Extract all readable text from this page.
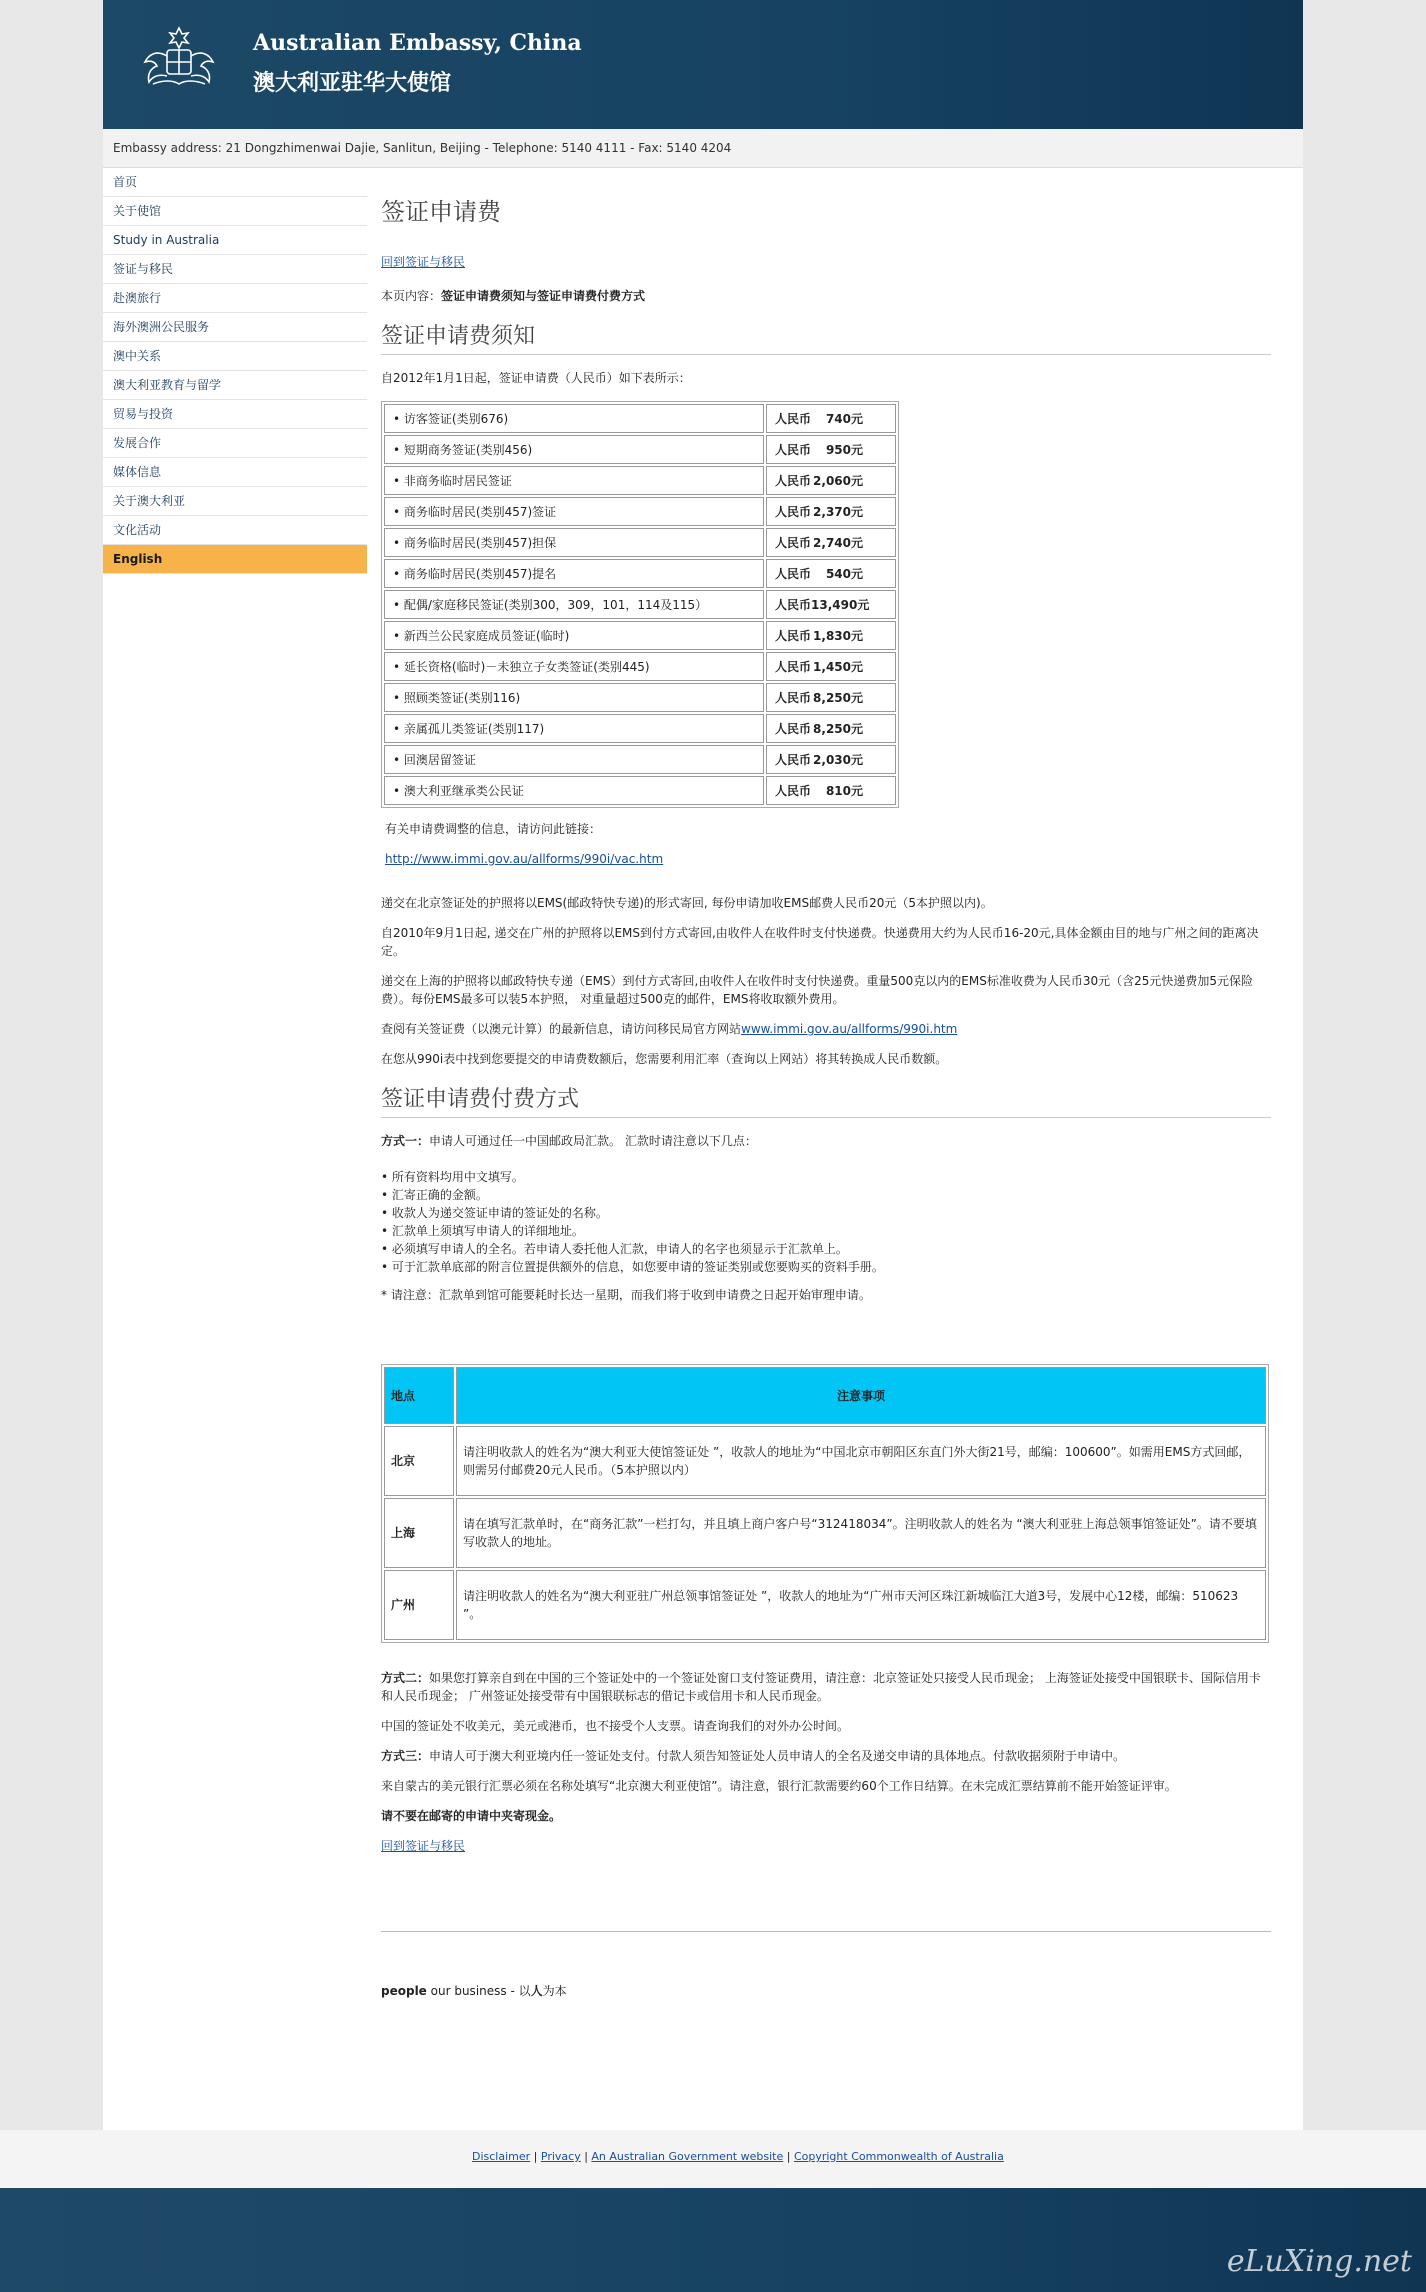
Australian Embassy, China
澳大利亚驻华大使馆
Embassy address: 21 Dongzhimenwai Dajie, Sanlitun, Beijing - Telephone: 5140 4111 - Fax: 5140 4204
首页
关于使馆
Study in Australia
签证与移民
赴澳旅行
海外澳洲公民服务
澳中关系
澳大利亚教育与留学
贸易与投资
发展合作
媒体信息
关于澳大利亚
文化活动
English
签证申请费

回到签证与移民

本页内容：签证申请费须知与签证申请费付费方式

签证申请费须知

自2012年1月1日起，签证申请费（人民币）如下表所示：

• 访客签证(类别676)	人民币 740元
• 短期商务签证(类别456)	人民币 950元
• 非商务临时居民签证	人民币 2,060元
• 商务临时居民(类别457)签证	人民币 2,370元
• 商务临时居民(类别457)担保	人民币 2,740元
• 商务临时居民(类别457)提名	人民币 540元
• 配偶/家庭移民签证(类别300，309，101，114及115）	人民币13,490元
• 新西兰公民家庭成员签证(临时)	人民币 1,830元
• 延长资格(临时)－未独立子女类签证(类别445)	人民币 1,450元
• 照顾类签证(类别116)	人民币 8,250元
• 亲属孤儿类签证(类别117)	人民币 8,250元
• 回澳居留签证	人民币 2,030元
• 澳大利亚继承类公民证	人民币 810元

有关申请费调整的信息，请访问此链接：

http://www.immi.gov.au/allforms/990i/vac.htm

递交在北京签证处的护照将以EMS(邮政特快专递)的形式寄回, 每份申请加收EMS邮费人民币20元（5本护照以内)。

自2010年9月1日起, 递交在广州的护照将以EMS到付方式寄回,由收件人在收件时支付快递费。快递费用大约为人民币16-20元,具体金额由目的地与广州之间的距离决定。

递交在上海的护照将以邮政特快专递（EMS）到付方式寄回,由收件人在收件时支付快递费。重量500克以内的EMS标准收费为人民币30元（含25元快递费加5元保险费）。每份EMS最多可以装5本护照， 对重量超过500克的邮件，EMS将收取额外费用。

查阅有关签证费（以澳元计算）的最新信息，请访问移民局官方网站www.immi.gov.au/allforms/990i.htm

在您从990i表中找到您要提交的申请费数额后，您需要利用汇率（查询以上网站）将其转换成人民币数额。

签证申请费付费方式

方式一：申请人可通过任一中国邮政局汇款。 汇款时请注意以下几点：

• 所有资料均用中文填写。
• 汇寄正确的金额。
• 收款人为递交签证申请的签证处的名称。
• 汇款单上须填写申请人的详细地址。
• 必须填写申请人的全名。若申请人委托他人汇款，申请人的名字也须显示于汇款单上。
• 可于汇款单底部的附言位置提供额外的信息，如您要申请的签证类别或您要购买的资料手册。

* 请注意：汇款单到馆可能要耗时长达一星期，而我们将于收到申请费之日起开始审理申请。

地点	注意事项
北京	请注明收款人的姓名为“澳大利亚大使馆签证处 ”，收款人的地址为“中国北京市朝阳区东直门外大街21号，邮编：100600”。如需用EMS方式回邮，则需另付邮费20元人民币。（5本护照以内）
上海	请在填写汇款单时，在“商务汇款”一栏打勾，并且填上商户客户号“312418034”。注明收款人的姓名为 “澳大利亚驻上海总领事馆签证处”。请不要填写收款人的地址。
广州	请注明收款人的姓名为“澳大利亚驻广州总领事馆签证处 ”，收款人的地址为“广州市天河区珠江新城临江大道3号，发展中心12楼，邮编：510623 ”。

方式二：如果您打算亲自到在中国的三个签证处中的一个签证处窗口支付签证费用，请注意：北京签证处只接受人民币现金； 上海签证处接受中国银联卡、国际信用卡和人民币现金； 广州签证处接受带有中国银联标志的借记卡或信用卡和人民币现金。

中国的签证处不收美元，美元或港币，也不接受个人支票。请查询我们的对外办公时间。

方式三：申请人可于澳大利亚境内任一签证处支付。付款人须告知签证处人员申请人的全名及递交申请的具体地点。付款收据须附于申请中。

来自蒙古的美元银行汇票必须在名称处填写“北京澳大利亚使馆”。请注意，银行汇款需要约60个工作日结算。在未完成汇票结算前不能开始签证评审。

请不要在邮寄的申请中夹寄现金。

回到签证与移民

people our business - 以人为本

Disclaimer | Privacy | An Australian Government website | Copyright Commonwealth of Australia
eLuXing.net
